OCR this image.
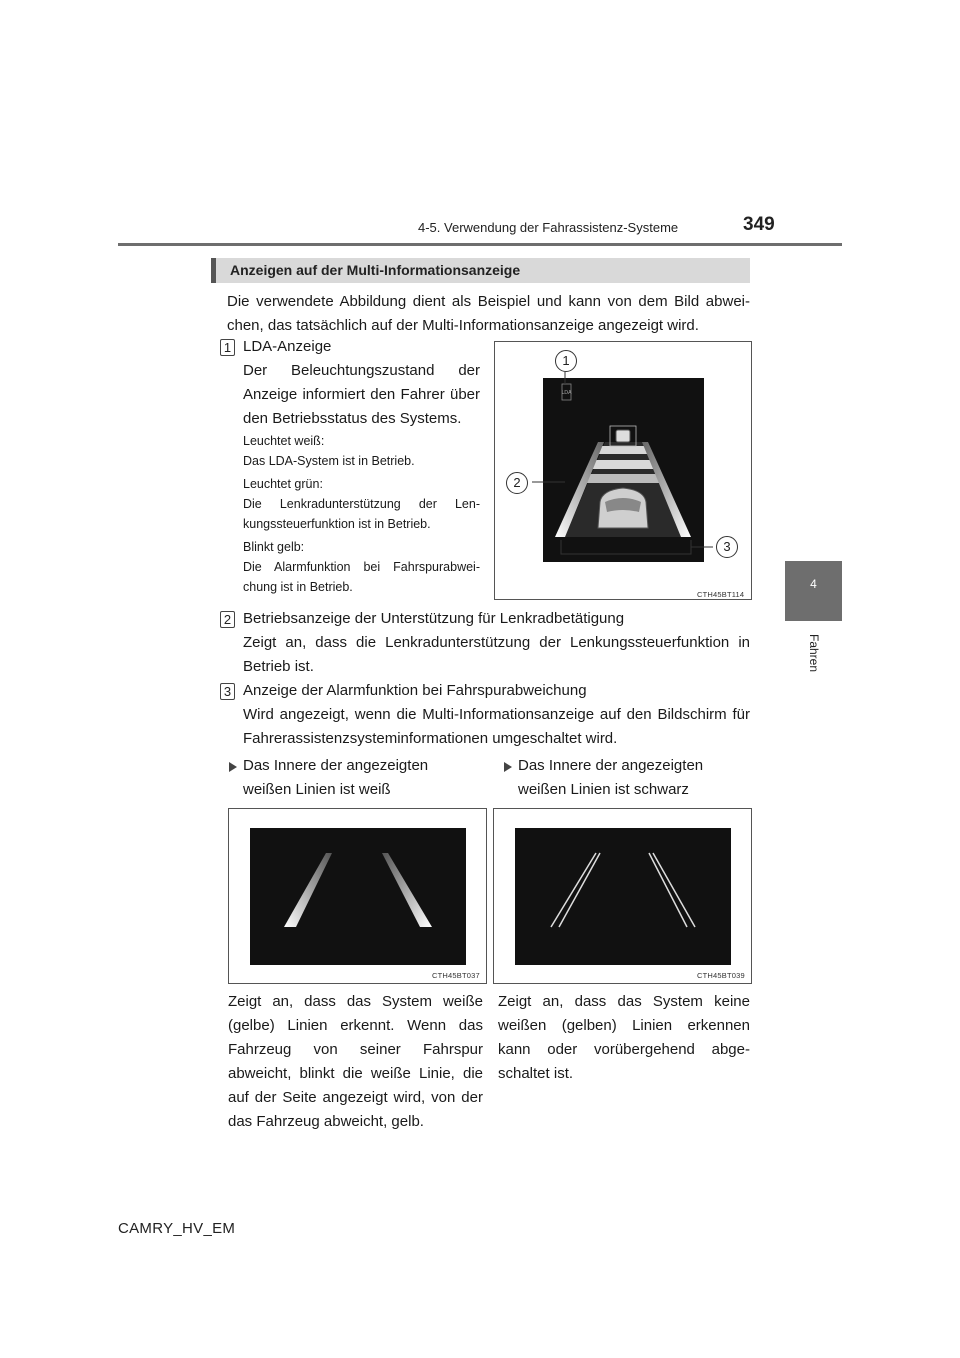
4-5. Verwendung der Fahrassistenz-Systeme	349
4
Fahren
Anzeigen auf der Multi-Informationsanzeige
Die verwendete Abbildung dient als Beispiel und kann von dem Bild abwei-chen, das tatsächlich auf der Multi-Informationsanzeige angezeigt wird.
1 LDA-Anzeige
Der Beleuchtungszustand der Anzeige informiert den Fahrer über den Betriebsstatus des Systems.
Leuchtet weiß:
Das LDA-System ist in Betrieb.
Leuchtet grün:
Die Lenkradunterstützung der Len-kungssteuerfunktion ist in Betrieb.
Blinkt gelb:
Die Alarmfunktion bei Fahrspurabwei-chung ist in Betrieb.
LDA
1
2
3
CTH45BT114
2 Betriebsanzeige der Unterstützung für Lenkradbetätigung
Zeigt an, dass die Lenkradunterstützung der Lenkungssteuerfunktion in Betrieb ist.
3 Anzeige der Alarmfunktion bei Fahrspurabweichung
Wird angezeigt, wenn die Multi-Informationsanzeige auf den Bildschirm für Fahrerassistenzsysteminformationen umgeschaltet wird.
Das Innere der angezeigten
weißen Linien ist weiß
Das Innere der angezeigten
weißen Linien ist schwarz
CTH45BT037	CTH45BT039
Zeigt an, dass das System weiße (gelbe) Linien erkennt. Wenn das Fahrzeug von seiner Fahrspur abweicht, blinkt die weiße Linie, die auf der Seite angezeigt wird, von der das Fahrzeug abweicht, gelb.
Zeigt an, dass das System keine weißen (gelben) Linien erkennen kann oder vorübergehend abge-schaltet ist.
CAMRY_HV_EM
